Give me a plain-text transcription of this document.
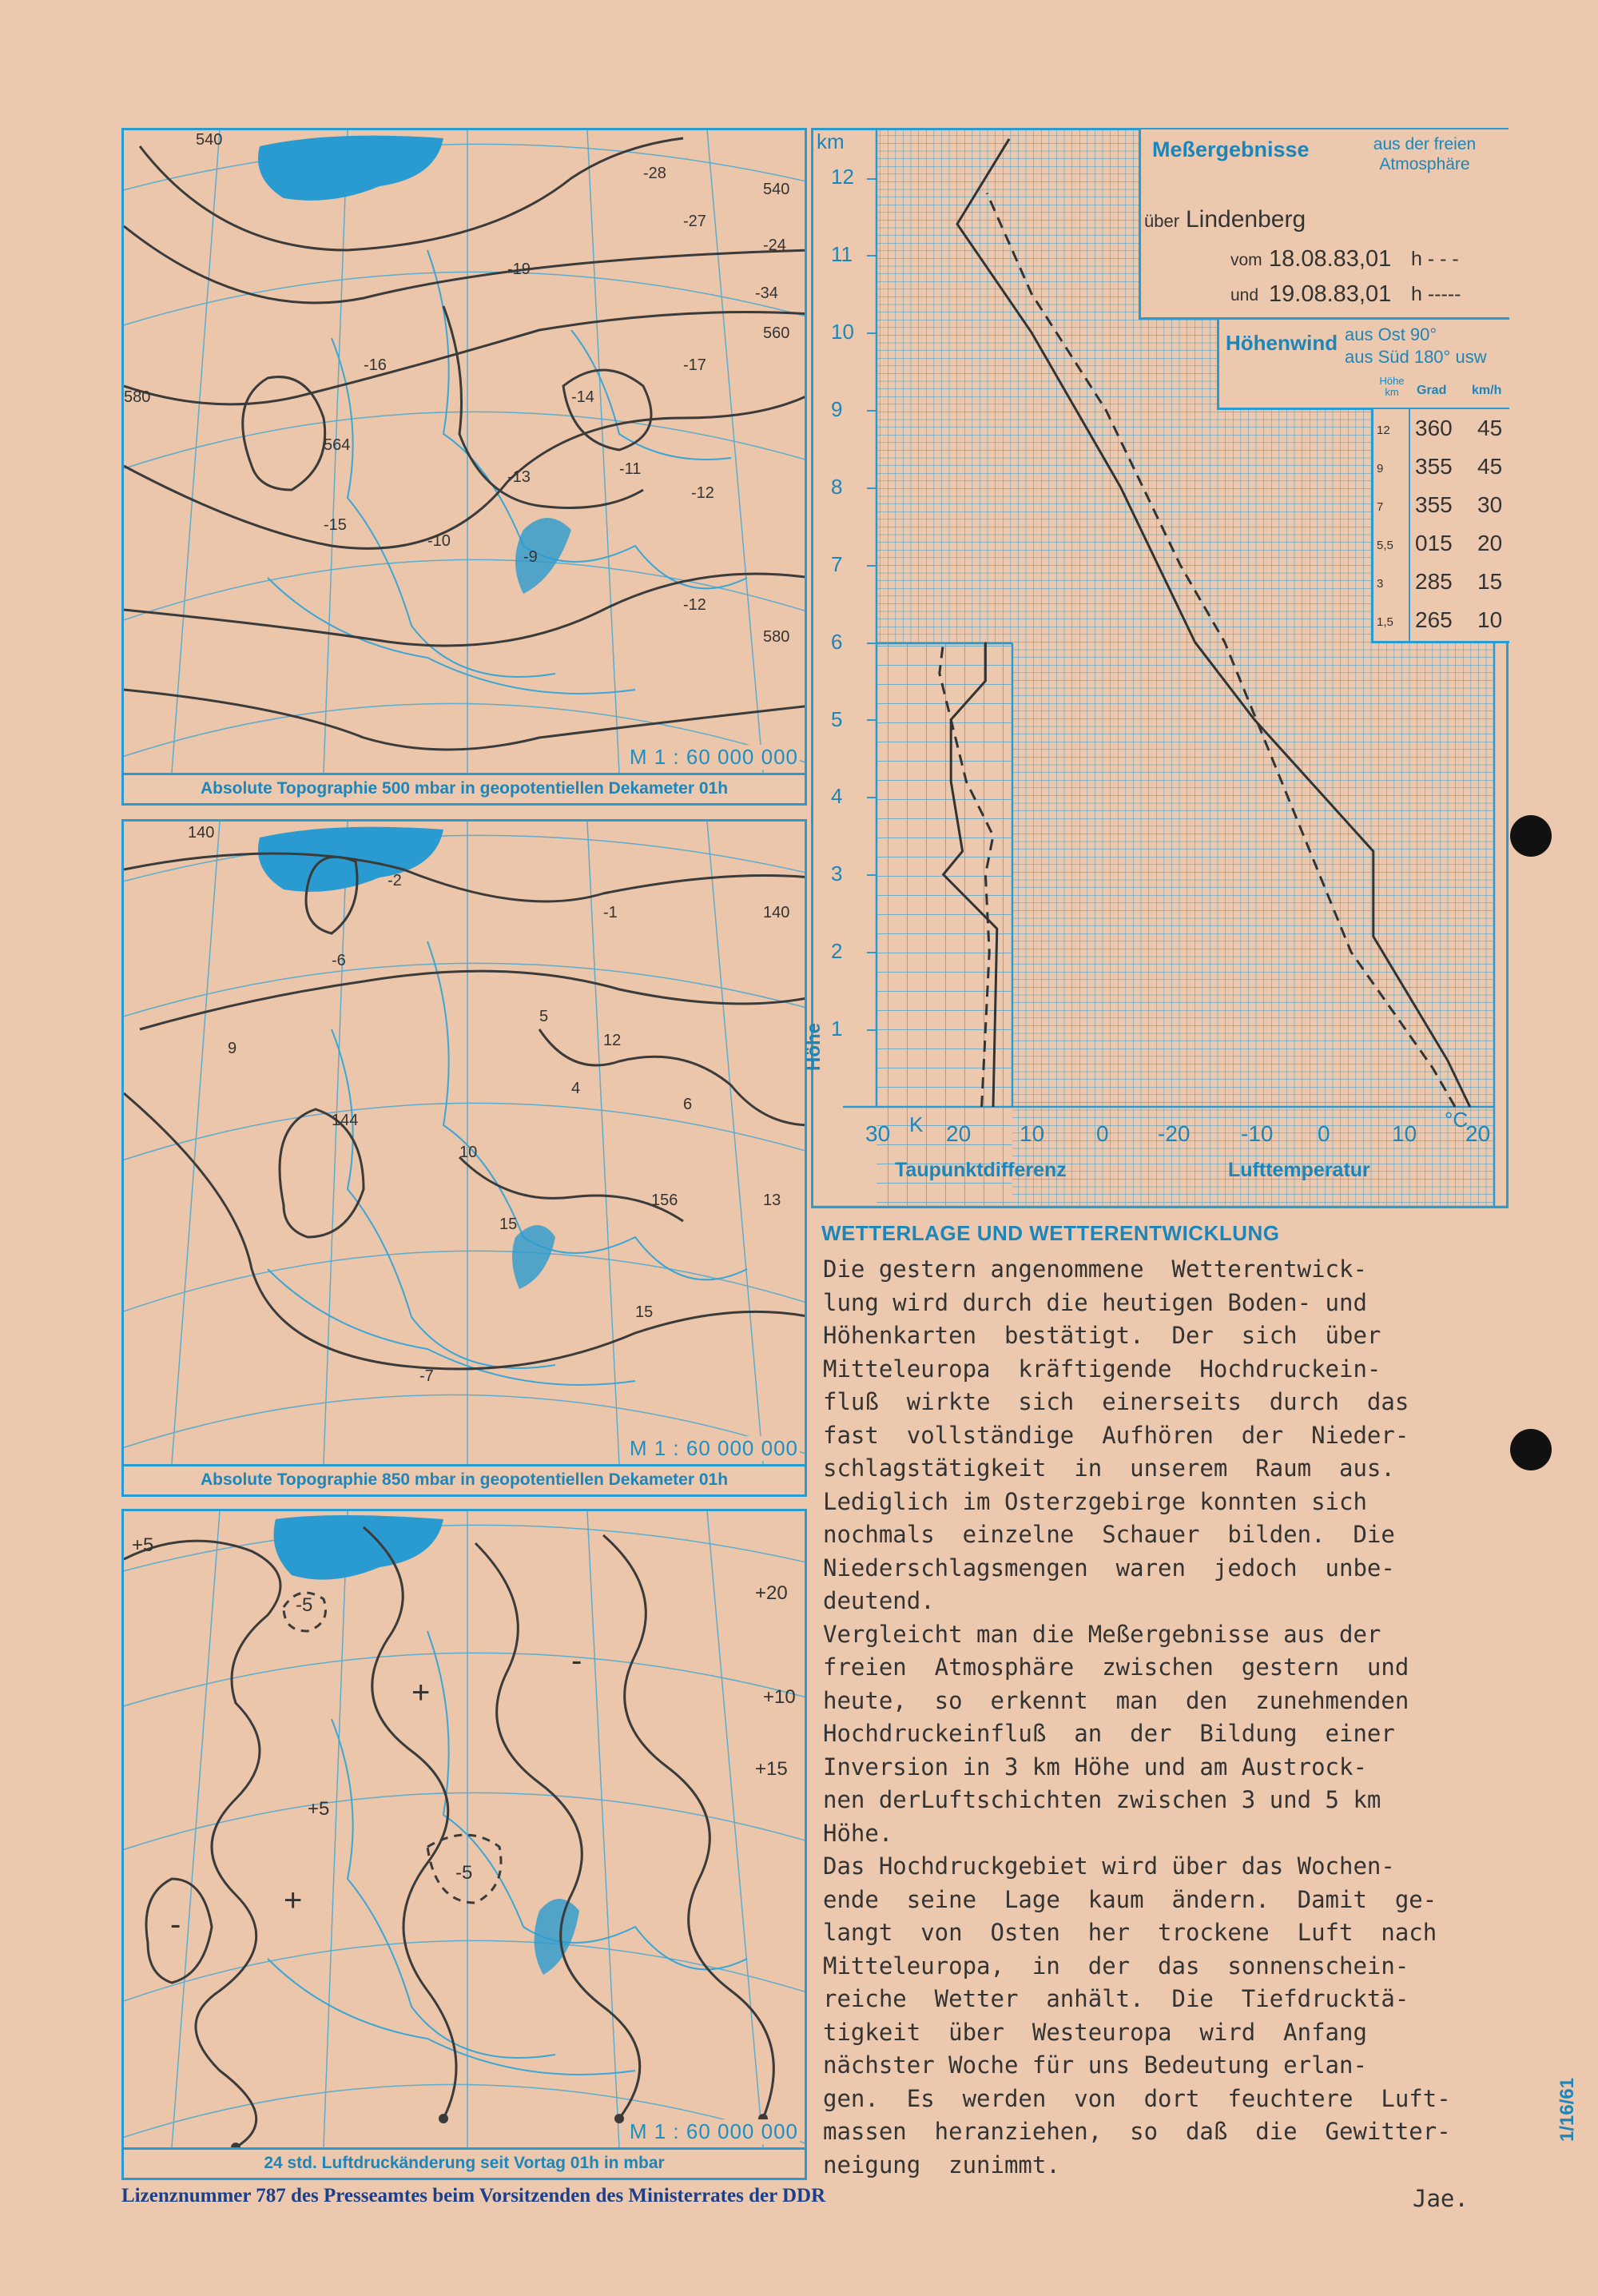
540
540
580
560
564
-13
-14
-16	-17
-10
-15
-19
-11
-12
-28
-27
-24
-34
-9
580
-12
M 1 : 60 000 000
Absolute Topographie 500 mbar in geopotentiellen Dekameter 01h
140
140
144
156
-2
-1
9
10
13
12
15
15
-6
5
4
6
-7
M 1 : 60 000 000
Absolute Topographie 850 mbar in geopotentiellen Dekameter 01h
+5
-5
+20
+15
+10
+5
-5
+
-
+
-
M 1 : 60 000 000
24 std. Luftdruckänderung seit Vortag 01h in mbar
km
12
11
10
9
8
7
6
5
4
3
2
1
Höhe
30 20 10 0 -20 -10 0	10 20
K	°C
Taupunktdifferenz	Lufttemperatur
Meßergebnisse	aus der freien Atmosphäre
über Lindenberg
vom 18.08.83,01 h - - -
und 19.08.83,01 h -----
Höhenwind aus Ost 90°
aus Süd 180° usw
Höhe km	Grad km/h
12 360 45
9 355 45
7 355 30
5,5 015 20
3 285 15
1,5 265 10
WETTERLAGE UND WETTERENTWICKLUNG
Die gestern angenommene  Wetterentwick-
lung wird durch die heutigen Boden- und
Höhenkarten  bestätigt.  Der  sich  über
Mitteleuropa  kräftigende  Hochdruckein-
fluß  wirkte  sich  einerseits  durch  das
fast  vollständige  Aufhören  der  Nieder-
schlagstätigkeit  in  unserem  Raum  aus.
Lediglich im Osterzgebirge konnten sich
nochmals  einzelne  Schauer  bilden.  Die
Niederschlagsmengen  waren  jedoch  unbe-
deutend.
Vergleicht man die Meßergebnisse aus der
freien  Atmosphäre  zwischen  gestern  und
heute,  so  erkennt  man  den  zunehmenden
Hochdruckeinfluß  an  der  Bildung  einer
Inversion in 3 km Höhe und am Austrock-
nen derLuftschichten zwischen 3 und 5 km
Höhe.
Das Hochdruckgebiet wird über das Wochen-
ende  seine  Lage  kaum  ändern.  Damit  ge-
langt  von  Osten  her  trockene  Luft  nach
Mitteleuropa,  in  der  das  sonnenschein-
reiche  Wetter  anhält.  Die  Tiefdrucktä-
tigkeit  über  Westeuropa  wird  Anfang
nächster Woche für uns Bedeutung erlan-
gen.  Es  werden  von  dort  feuchtere  Luft-
massen  heranziehen,  so  daß  die  Gewitter-
neigung  zunimmt.
Jae.
1/16/61
Lizenznummer 787 des Presseamtes beim Vorsitzenden des Ministerrates der DDR
